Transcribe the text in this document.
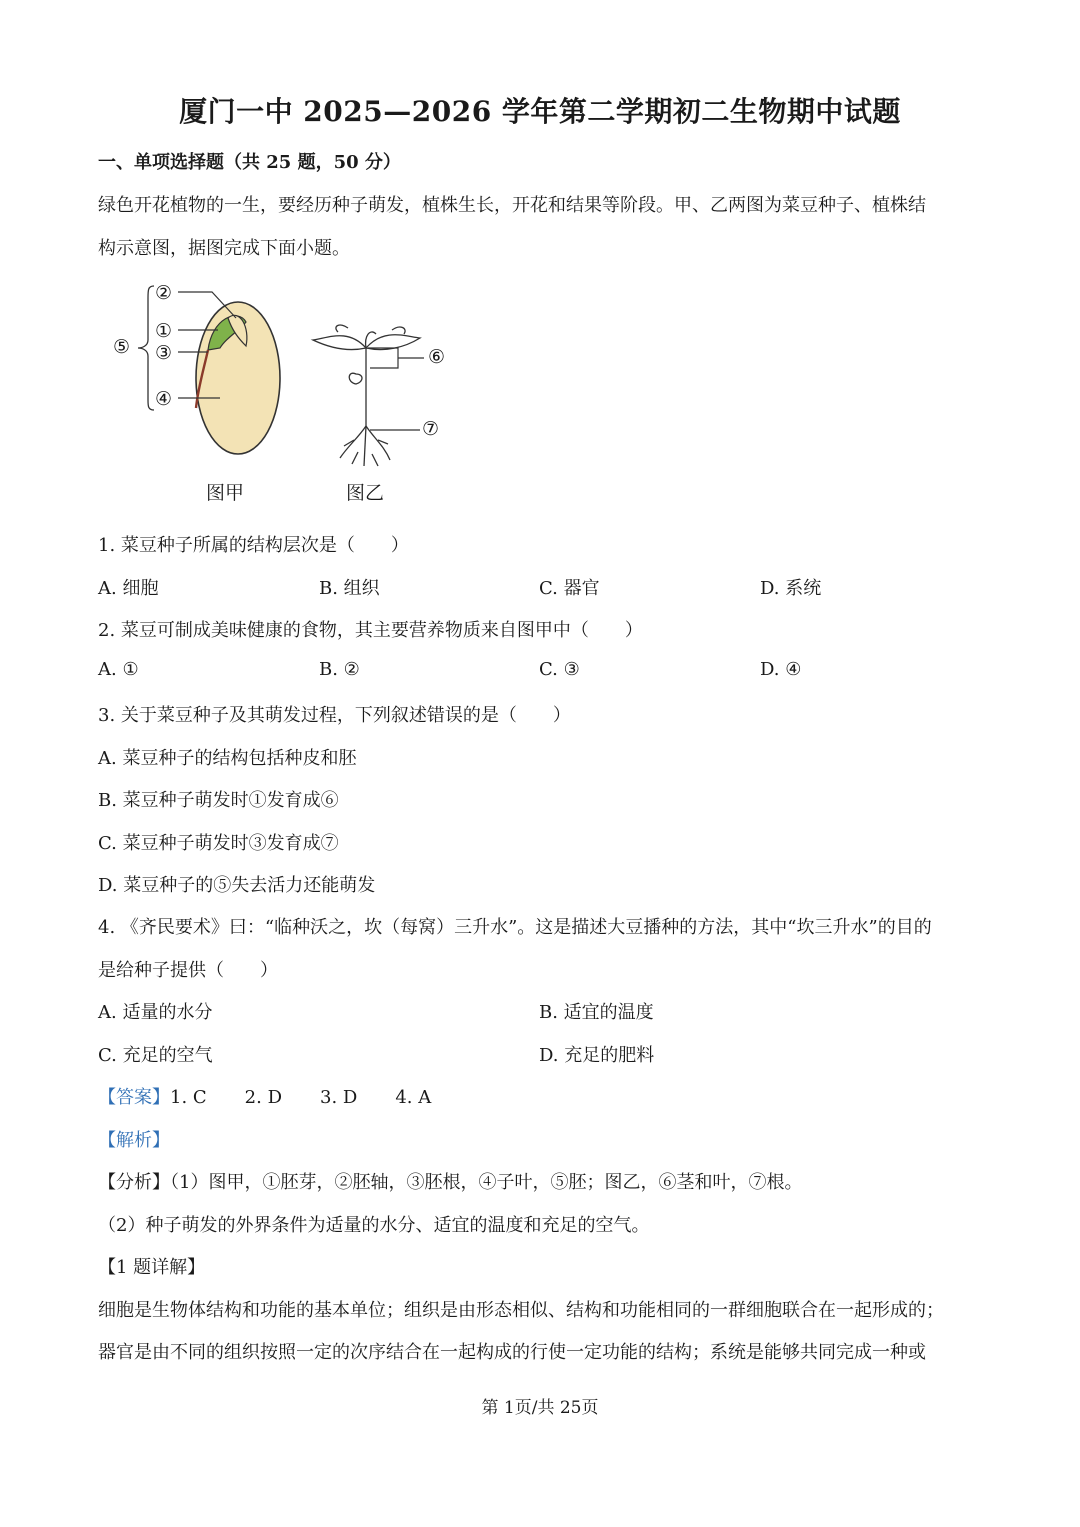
厦门一中 2025—2026 学年第二学期初二生物期中试题
一、单项选择题（共 25 题，50 分）
绿色开花植物的一生，要经历种子萌发，植株生长，开花和结果等阶段。甲、乙两图为菜豆种子、植株结
构示意图，据图完成下面小题。
②
①
③
⑤
④
⑥
⑦
图甲	图乙
1. 菜豆种子所属的结构层次是（　　）
A. 细胞	B. 组织	C. 器官	D. 系统
2. 菜豆可制成美味健康的食物，其主要营养物质来自图甲中（　　）
A. ①	B. ②	C. ③	D. ④
3. 关于菜豆种子及其萌发过程，下列叙述错误的是（　　）
A. 菜豆种子的结构包括种皮和胚
B. 菜豆种子萌发时①发育成⑥
C. 菜豆种子萌发时③发育成⑦
D. 菜豆种子的⑤失去活力还能萌发
4. 《齐民要术》曰：“临种沃之，坎（每窝）三升水”。这是描述大豆播种的方法，其中“坎三升水”的目的
是给种子提供（　　）
A. 适量的水分	B. 适宜的温度
C. 充足的空气	D. 充足的肥料
【答案】1. C 2. D 3. D 4. A
【解析】
【分析】（1）图甲，①胚芽，②胚轴，③胚根，④子叶，⑤胚；图乙，⑥茎和叶，⑦根。
（2）种子萌发的外界条件为适量的水分、适宜的温度和充足的空气。
【1 题详解】
细胞是生物体结构和功能的基本单位；组织是由形态相似、结构和功能相同的一群细胞联合在一起形成的；
器官是由不同的组织按照一定的次序结合在一起构成的行使一定功能的结构；系统是能够共同完成一种或
第 1页/共 25页
